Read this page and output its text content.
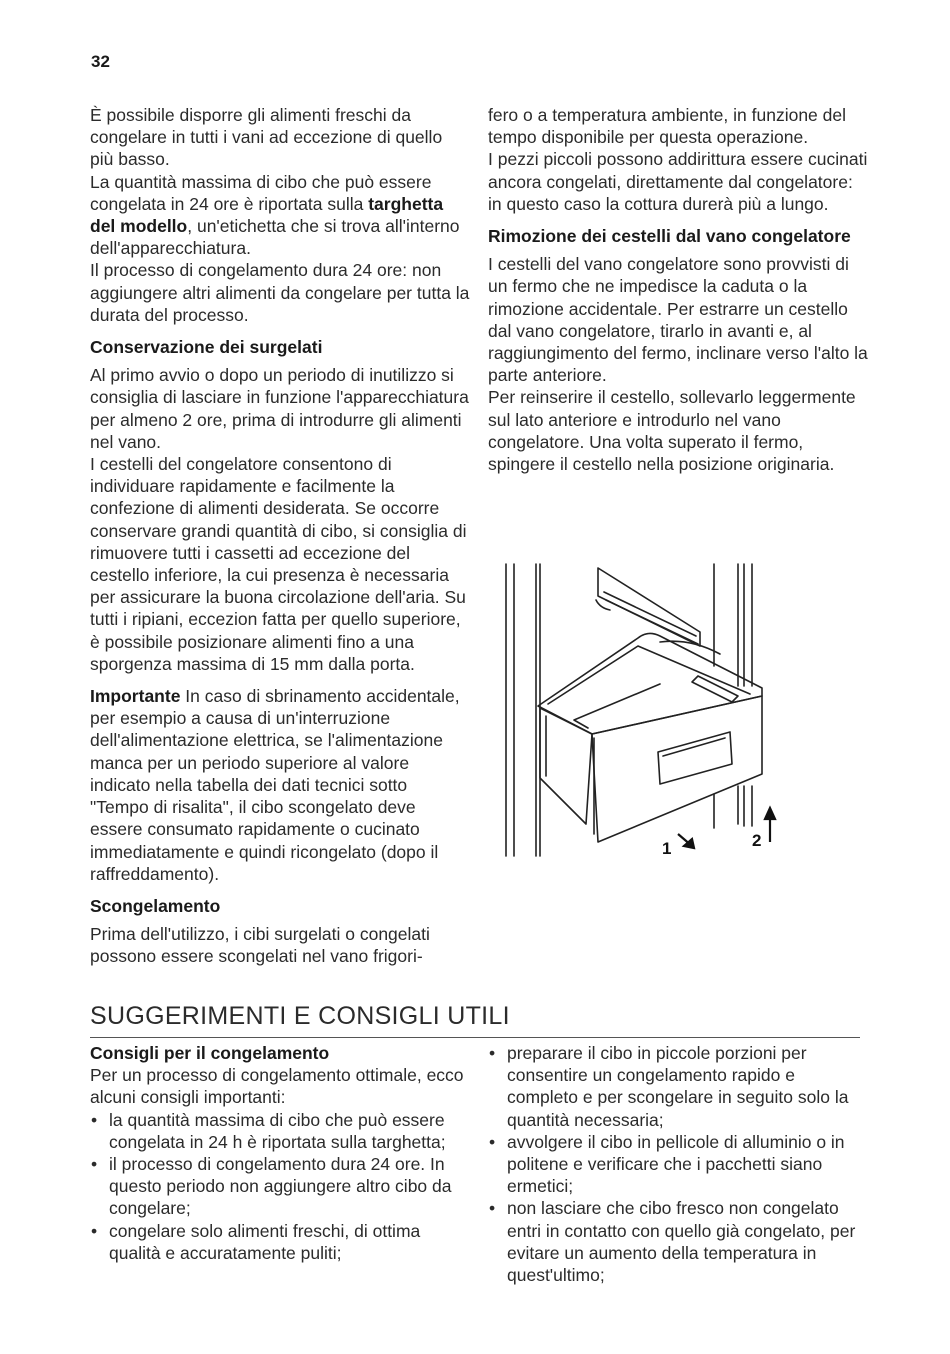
32

È possibile disporre gli alimenti freschi da congelare in tutti i vani ad eccezione di quello più basso.

La quantità massima di cibo che può essere congelata in 24 ore è riportata sulla targhetta del modello, un'etichetta che si trova all'interno dell'apparecchiatura.

Il processo di congelamento dura 24 ore: non aggiungere altri alimenti da congelare per tutta la durata del processo.

Conservazione dei surgelati

Al primo avvio o dopo un periodo di inutilizzo si consiglia di lasciare in funzione l'apparecchiatura per almeno 2 ore, prima di introdurre gli alimenti nel vano.

I cestelli del congelatore consentono di individuare rapidamente e facilmente la confezione di alimenti desiderata. Se occorre conservare grandi quantità di cibo, si consiglia di rimuovere tutti i cassetti ad eccezione del cestello inferiore, la cui presenza è necessaria per assicurare la buona circolazione dell'aria. Su tutti i ripiani, eccezion fatta per quello superiore, è possibile posizionare alimenti fino a una sporgenza massima di 15 mm dalla porta.

Importante In caso di sbrinamento accidentale, per esempio a causa di un'interruzione dell'alimentazione elettrica, se l'alimentazione manca per un periodo superiore al valore indicato nella tabella dei dati tecnici sotto "Tempo di risalita", il cibo scongelato deve essere consumato rapidamente o cucinato immediatamente e quindi ricongelato (dopo il raffreddamento).

Scongelamento

Prima dell'utilizzo, i cibi surgelati o congelati possono essere scongelati nel vano frigori-

fero o a temperatura ambiente, in funzione del tempo disponibile per questa operazione.

I pezzi piccoli possono addirittura essere cucinati ancora congelati, direttamente dal congelatore: in questo caso la cottura durerà più a lungo.

Rimozione dei cestelli dal vano congelatore

I cestelli del vano congelatore sono provvisti di un fermo che ne impedisce la caduta o la rimozione accidentale. Per estrarre un cestello dal vano congelatore, tirarlo in avanti e, al raggiungimento del fermo, inclinare verso l'alto la parte anteriore.

Per reinserire il cestello, sollevarlo leggermente sul lato anteriore e introdurlo nel vano congelatore. Una volta superato il fermo, spingere il cestello nella posizione originaria.

1	2
SUGGERIMENTI E CONSIGLI UTILI
Consigli per il congelamento

Per un processo di congelamento ottimale, ecco alcuni consigli importanti:

• la quantità massima di cibo che può essere congelata in 24 h è riportata sulla targhetta;
• il processo di congelamento dura 24 ore. In questo periodo non aggiungere altro cibo da congelare;
• congelare solo alimenti freschi, di ottima qualità e accuratamente puliti;
• preparare il cibo in piccole porzioni per consentire un congelamento rapido e completo e per scongelare in seguito solo la quantità necessaria;
• avvolgere il cibo in pellicole di alluminio o in politene e verificare che i pacchetti siano ermetici;
• non lasciare che cibo fresco non congelato entri in contatto con quello già congelato, per evitare un aumento della temperatura in quest'ultimo;
